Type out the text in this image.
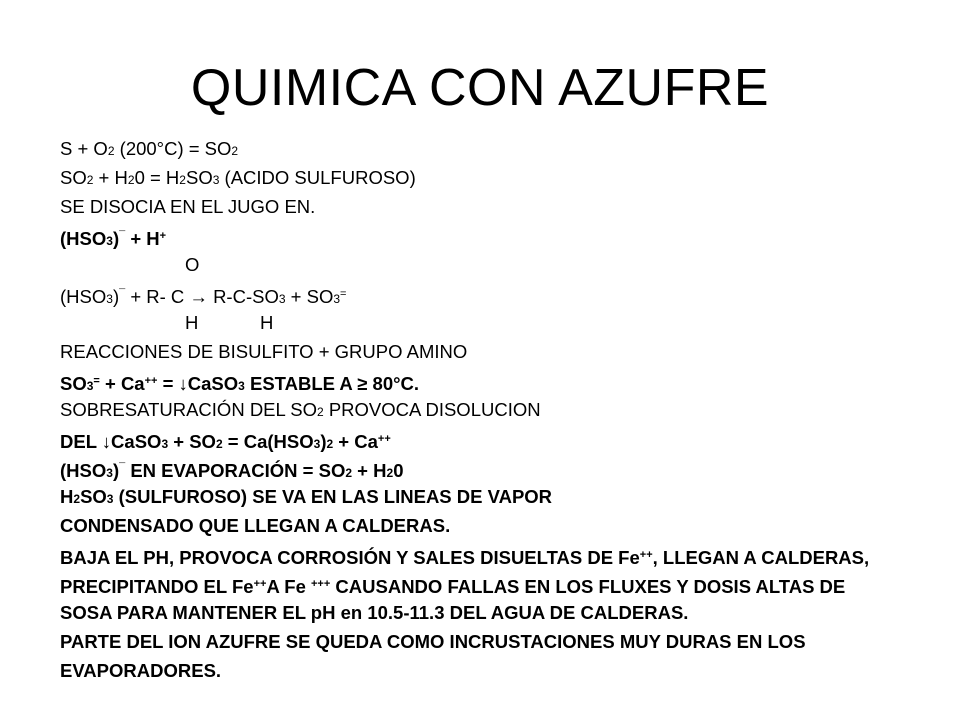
QUIMICA CON AZUFRE
S + O2 (200°C) = SO2
SO2 + H20 = H2SO3 (ACIDO SULFUROSO)
SE DISOCIA EN EL JUGO EN.
(HSO3)¯ + H+
O
(HSO3)¯ + R- C → R-C-SO3 + SO3=
H	H
REACCIONES DE BISULFITO + GRUPO AMINO
SO3= + Ca++ = ↓CaSO3 ESTABLE A ≥ 80°C.
SOBRESATURACIÓN DEL SO2 PROVOCA DISOLUCION
DEL ↓CaSO3 + SO2 = Ca(HSO3)2 + Ca++
(HSO3)¯ EN EVAPORACIÓN = SO2 + H20
H2SO3 (SULFUROSO) SE VA EN LAS LINEAS DE VAPOR
CONDENSADO QUE LLEGAN A CALDERAS.
BAJA EL PH, PROVOCA CORROSIÓN Y SALES DISUELTAS DE Fe++, LLEGAN A CALDERAS,
PRECIPITANDO EL Fe++A Fe +++ CAUSANDO FALLAS EN LOS FLUXES Y DOSIS ALTAS DE
SOSA PARA MANTENER EL pH en 10.5-11.3 DEL AGUA DE CALDERAS.
PARTE DEL ION AZUFRE SE QUEDA COMO INCRUSTACIONES MUY DURAS EN LOS
EVAPORADORES.
